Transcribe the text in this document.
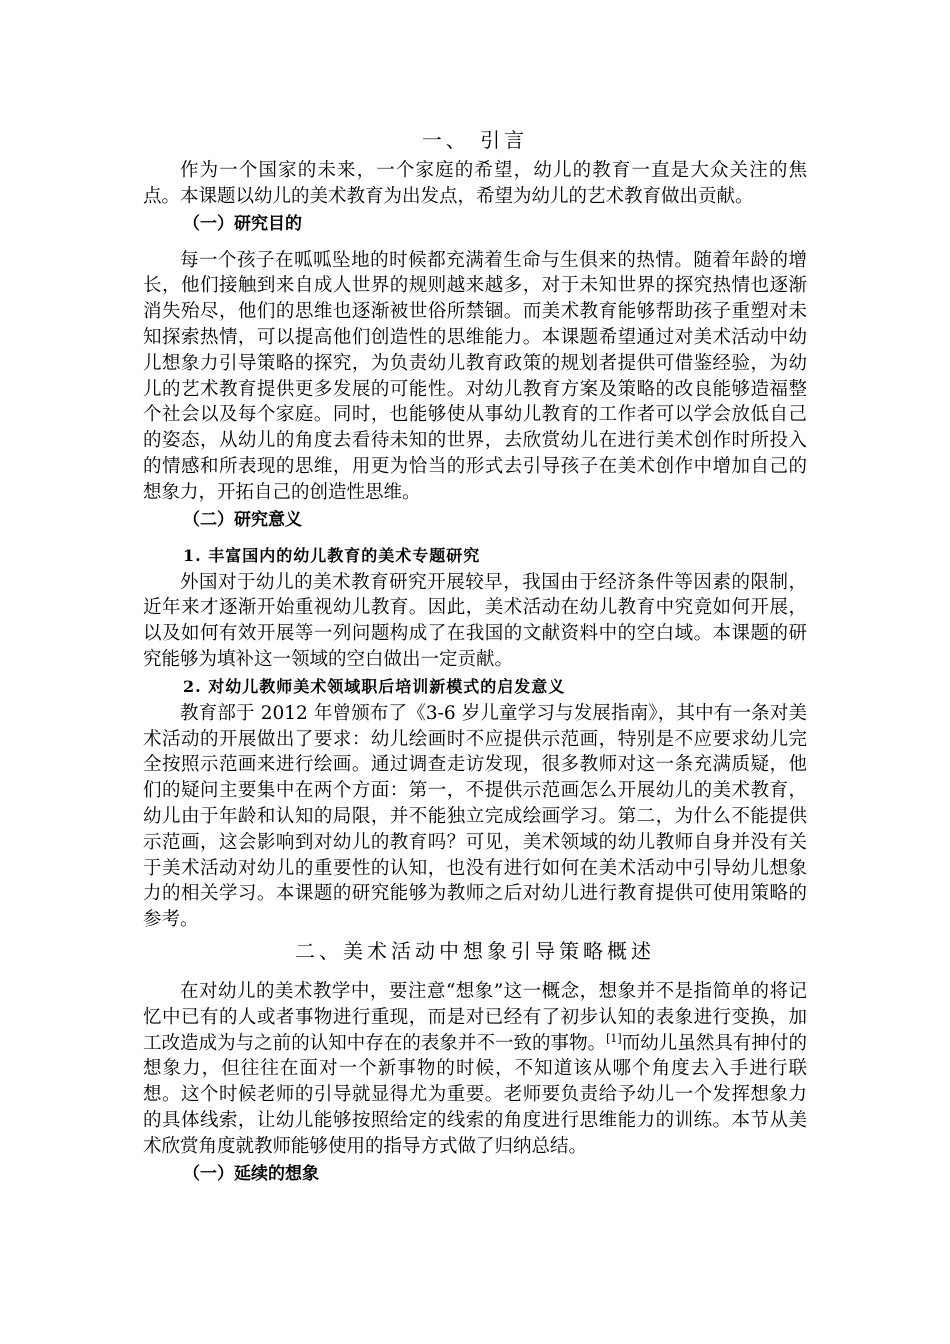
一、 引言

作为一个国家的未来，一个家庭的希望，幼儿的教育一直是大众关注的焦点。本课题以幼儿的美术教育为出发点，希望为幼儿的艺术教育做出贡献。

（一）研究目的

每一个孩子在呱呱坠地的时候都充满着生命与生俱来的热情。随着年龄的增长，他们接触到来自成人世界的规则越来越多，对于未知世界的探究热情也逐渐消失殆尽，他们的思维也逐渐被世俗所禁锢。而美术教育能够帮助孩子重塑对未知探索热情，可以提高他们创造性的思维能力。本课题希望通过对美术活动中幼儿想象力引导策略的探究，为负责幼儿教育政策的规划者提供可借鉴经验，为幼儿的艺术教育提供更多发展的可能性。对幼儿教育方案及策略的改良能够造福整个社会以及每个家庭。同时，也能够使从事幼儿教育的工作者可以学会放低自己的姿态，从幼儿的角度去看待未知的世界，去欣赏幼儿在进行美术创作时所投入的情感和所表现的思维，用更为恰当的形式去引导孩子在美术创作中增加自己的想象力，开拓自己的创造性思维。

（二）研究意义
1. 丰富国内的幼儿教育的美术专题研究

外国对于幼儿的美术教育研究开展较早，我国由于经济条件等因素的限制，近年来才逐渐开始重视幼儿教育。因此，美术活动在幼儿教育中究竟如何开展，以及如何有效开展等一列问题构成了在我国的文献资料中的空白域。本课题的研究能够为填补这一领域的空白做出一定贡献。

2. 对幼儿教师美术领域职后培训新模式的启发意义

教育部于 2012 年曾颁布了《3-6 岁儿童学习与发展指南》，其中有一条对美术活动的开展做出了要求：幼儿绘画时不应提供示范画，特别是不应要求幼儿完全按照示范画来进行绘画。通过调查走访发现，很多教师对这一条充满质疑，他们的疑问主要集中在两个方面：第一，不提供示范画怎么开展幼儿的美术教育，幼儿由于年龄和认知的局限，并不能独立完成绘画学习。第二，为什么不能提供示范画，这会影响到对幼儿的教育吗？可见，美术领域的幼儿教师自身并没有关于美术活动对幼儿的重要性的认知，也没有进行如何在美术活动中引导幼儿想象力的相关学习。本课题的研究能够为教师之后对幼儿进行教育提供可使用策略的参考。

二、美术活动中想象引导策略概述

在对幼儿的美术教学中，要注意“想象”这一概念，想象并不是指简单的将记忆中已有的人或者事物进行重现，而是对已经有了初步认知的表象进行变换，加工改造成为与之前的认知中存在的表象并不一致的事物。[1]而幼儿虽然具有抻付的想象力，但往往在面对一个新事物的时候，不知道该从哪个角度去入手进行联想。这个时候老师的引导就显得尤为重要。老师要负责给予幼儿一个发挥想象力的具体线索，让幼儿能够按照给定的线索的角度进行思维能力的训练。本节从美术欣赏角度就教师能够使用的指导方式做了归纳总结。

（一）延续的想象
